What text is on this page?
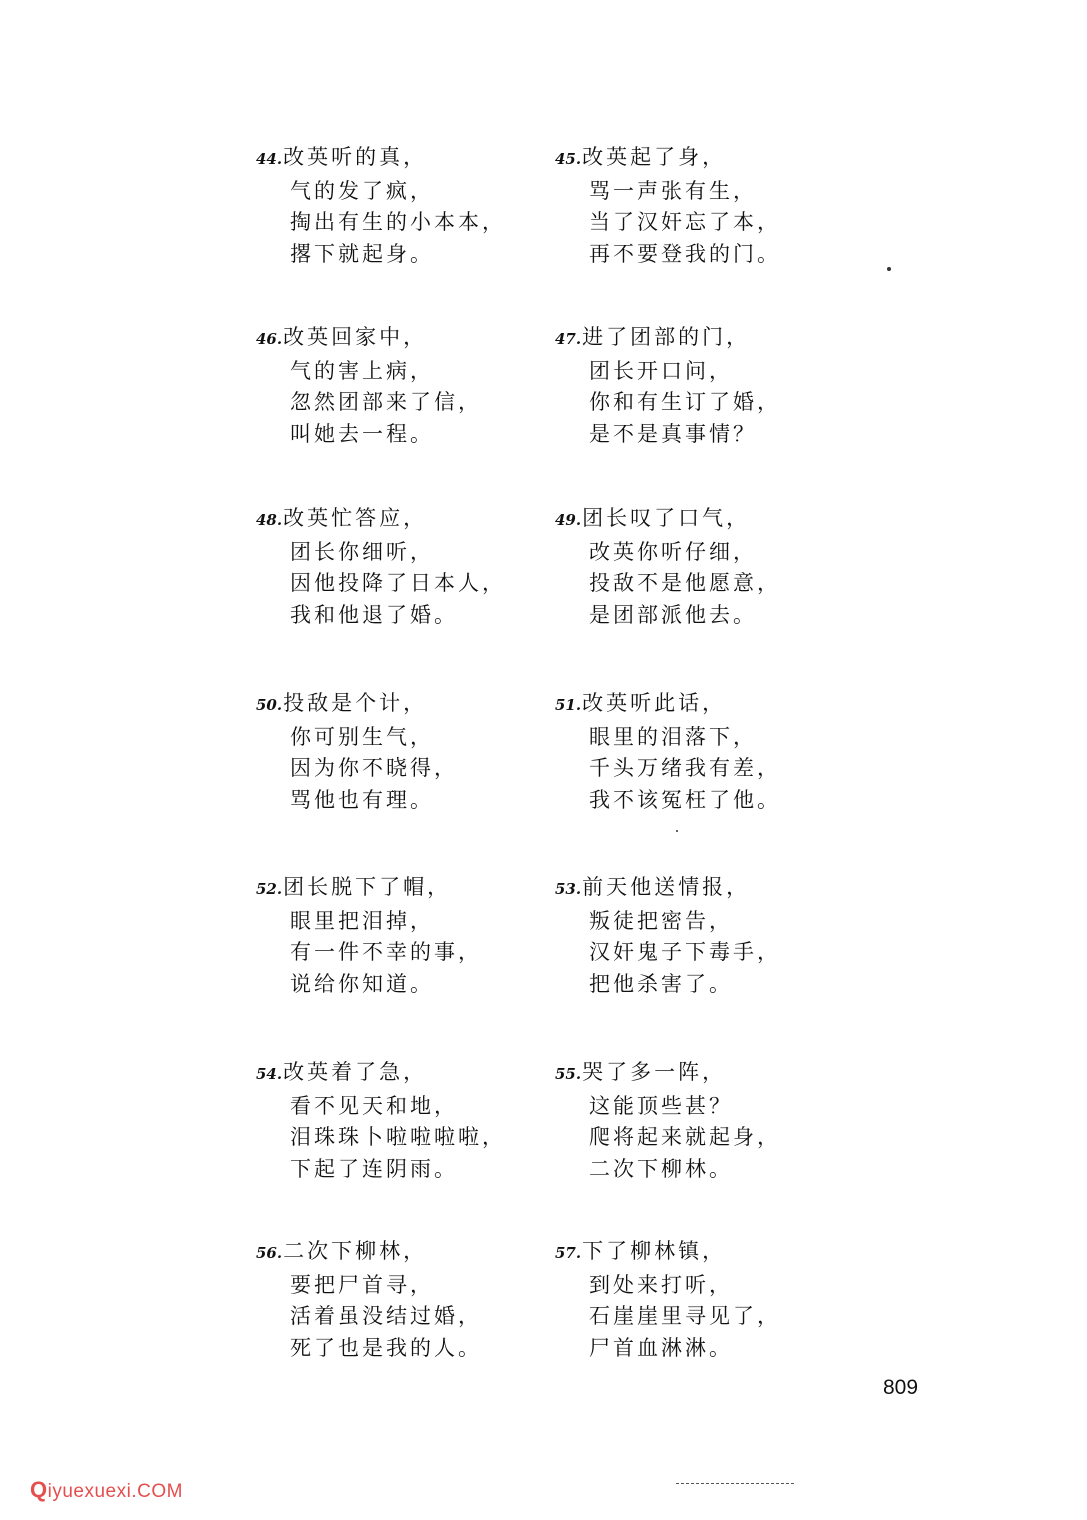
44.改英听的真，
气的发了疯，
掏出有生的小本本，
撂下就起身。
45.改英起了身，
骂一声张有生，
当了汉奸忘了本，
再不要登我的门。
46.改英回家中，
气的害上病，
忽然团部来了信，
叫她去一程。
47.进了团部的门，
团长开口问，
你和有生订了婚，
是不是真事情？
48.改英忙答应，
团长你细听，
因他投降了日本人，
我和他退了婚。
49.团长叹了口气，
改英你听仔细，
投敌不是他愿意，
是团部派他去。
50.投敌是个计，
你可别生气，
因为你不晓得，
骂他也有理。
51.改英听此话，
眼里的泪落下，
千头万绪我有差，
我不该冤枉了他。
52.团长脱下了帽，
眼里把泪掉，
有一件不幸的事，
说给你知道。
53.前天他送情报，
叛徒把密告，
汉奸鬼子下毒手，
把他杀害了。
54.改英着了急，
看不见天和地，
泪珠珠卜啦啦啦啦，
下起了连阴雨。
55.哭了多一阵，
这能顶些甚？
爬将起来就起身，
二次下柳林。
56.二次下柳林，
要把尸首寻，
活着虽没结过婚，
死了也是我的人。
57.下了柳林镇，
到处来打听，
石崖崖里寻见了，
尸首血淋淋。
809
Qiyuexuexi.COM
